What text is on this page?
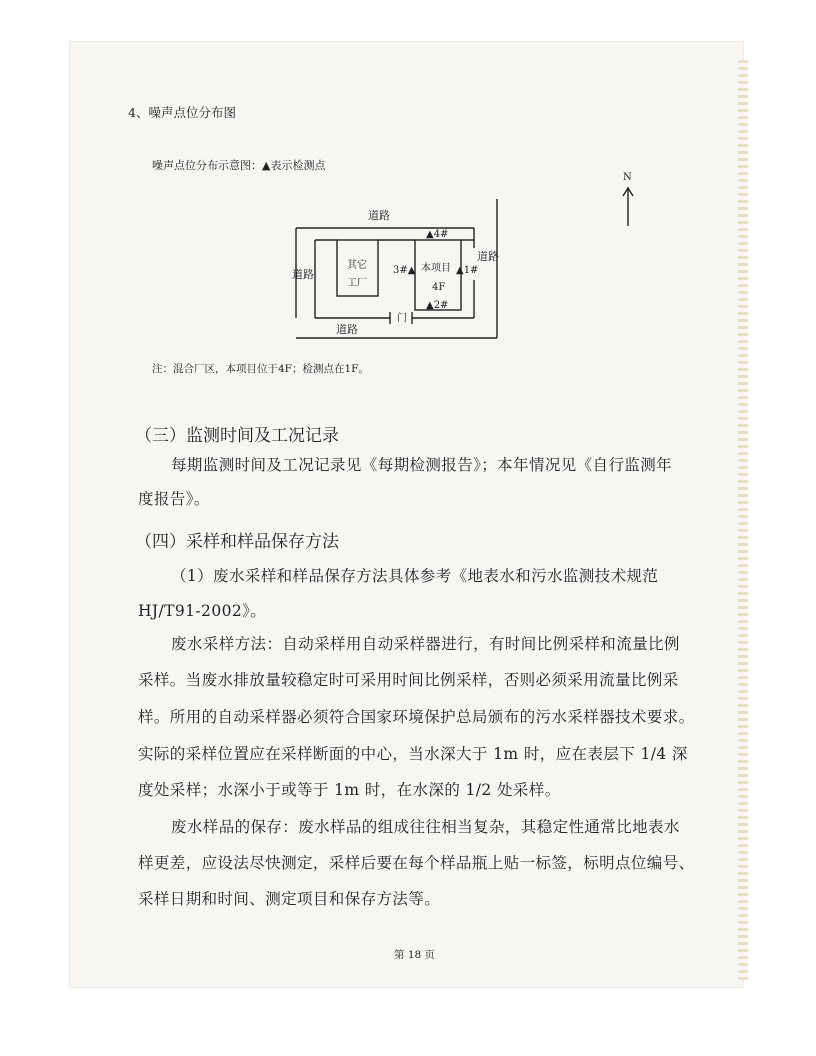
4、噪声点位分布图
噪声点位分布示意图：▲表示检测点
道路
道路
道路
道路
其它
工厂
本项目
4F
门
N
▲4#
3#▲	▲1#
▲2#
注：混合厂区，本项目位于4F；检测点在1F。
（三）监测时间及工况记录
每期监测时间及工况记录见《每期检测报告》；本年情况见《自行监测年
度报告》。
（四）采样和样品保存方法
（1）废水采样和样品保存方法具体参考《地表水和污水监测技术规范
HJ/T91-2002》。
废水采样方法：自动采样用自动采样器进行，有时间比例采样和流量比例
采样。当废水排放量较稳定时可采用时间比例采样，否则必须采用流量比例采
样。所用的自动采样器必须符合国家环境保护总局颁布的污水采样器技术要求。
实际的采样位置应在采样断面的中心，当水深大于 1m 时，应在表层下 1/4 深
度处采样；水深小于或等于 1m 时，在水深的 1/2 处采样。
废水样品的保存：废水样品的组成往往相当复杂，其稳定性通常比地表水
样更差，应设法尽快测定，采样后要在每个样品瓶上贴一标签，标明点位编号、
采样日期和时间、测定项目和保存方法等。
第 18 页
